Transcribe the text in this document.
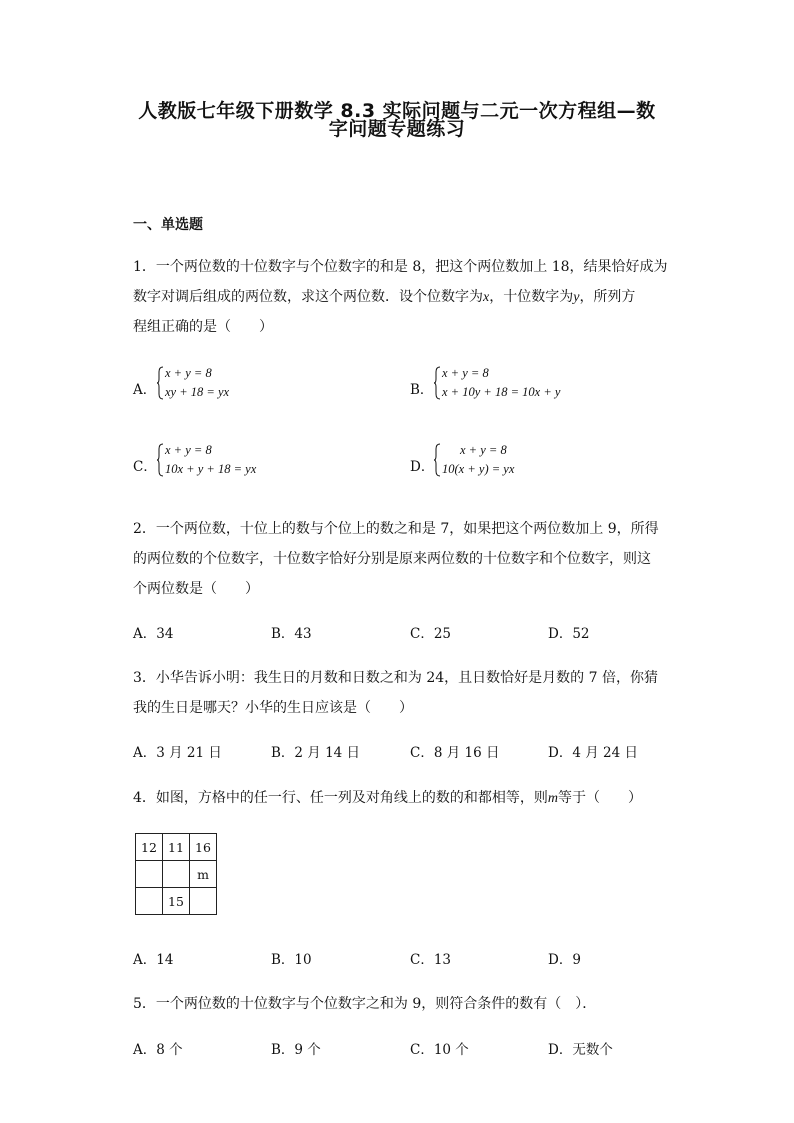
人教版七年级下册数学 8.3 实际问题与二元一次方程组—数
字问题专题练习
一、单选题
1．一个两位数的十位数字与个位数字的和是 8，把这个两位数加上 18，结果恰好成为
数字对调后组成的两位数，求这个两位数．设个位数字为x，十位数字为y，所列方
程组正确的是（　　）
A．
x + y = 8
xy + 18 = yx	B．
x + y = 8
x + 10y + 18 = 10x + y
C．
x + y = 8
10x + y + 18 = yx	D．
x + y = 8
10(x + y) = yx
2．一个两位数，十位上的数与个位上的数之和是 7，如果把这个两位数加上 9，所得
的两位数的个位数字，十位数字恰好分别是原来两位数的十位数字和个位数字，则这
个两位数是（　　）
A．34	B．43	C．25	D．52
3．小华告诉小明：我生日的月数和日数之和为 24，且日数恰好是月数的 7 倍，你猜
我的生日是哪天？小华的生日应该是（　　）
A．3 月 21 日	B．2 月 14 日	C．8 月 16 日	D．4 月 24 日
4．如图，方格中的任一行、任一列及对角线上的数的和都相等，则m等于（　　）
12	11	16
		m
	15	
A．14	B．10	C．13	D．9
5．一个两位数的十位数字与个位数字之和为 9，则符合条件的数有（　）．
A．8 个	B．9 个	C．10 个	D．无数个
